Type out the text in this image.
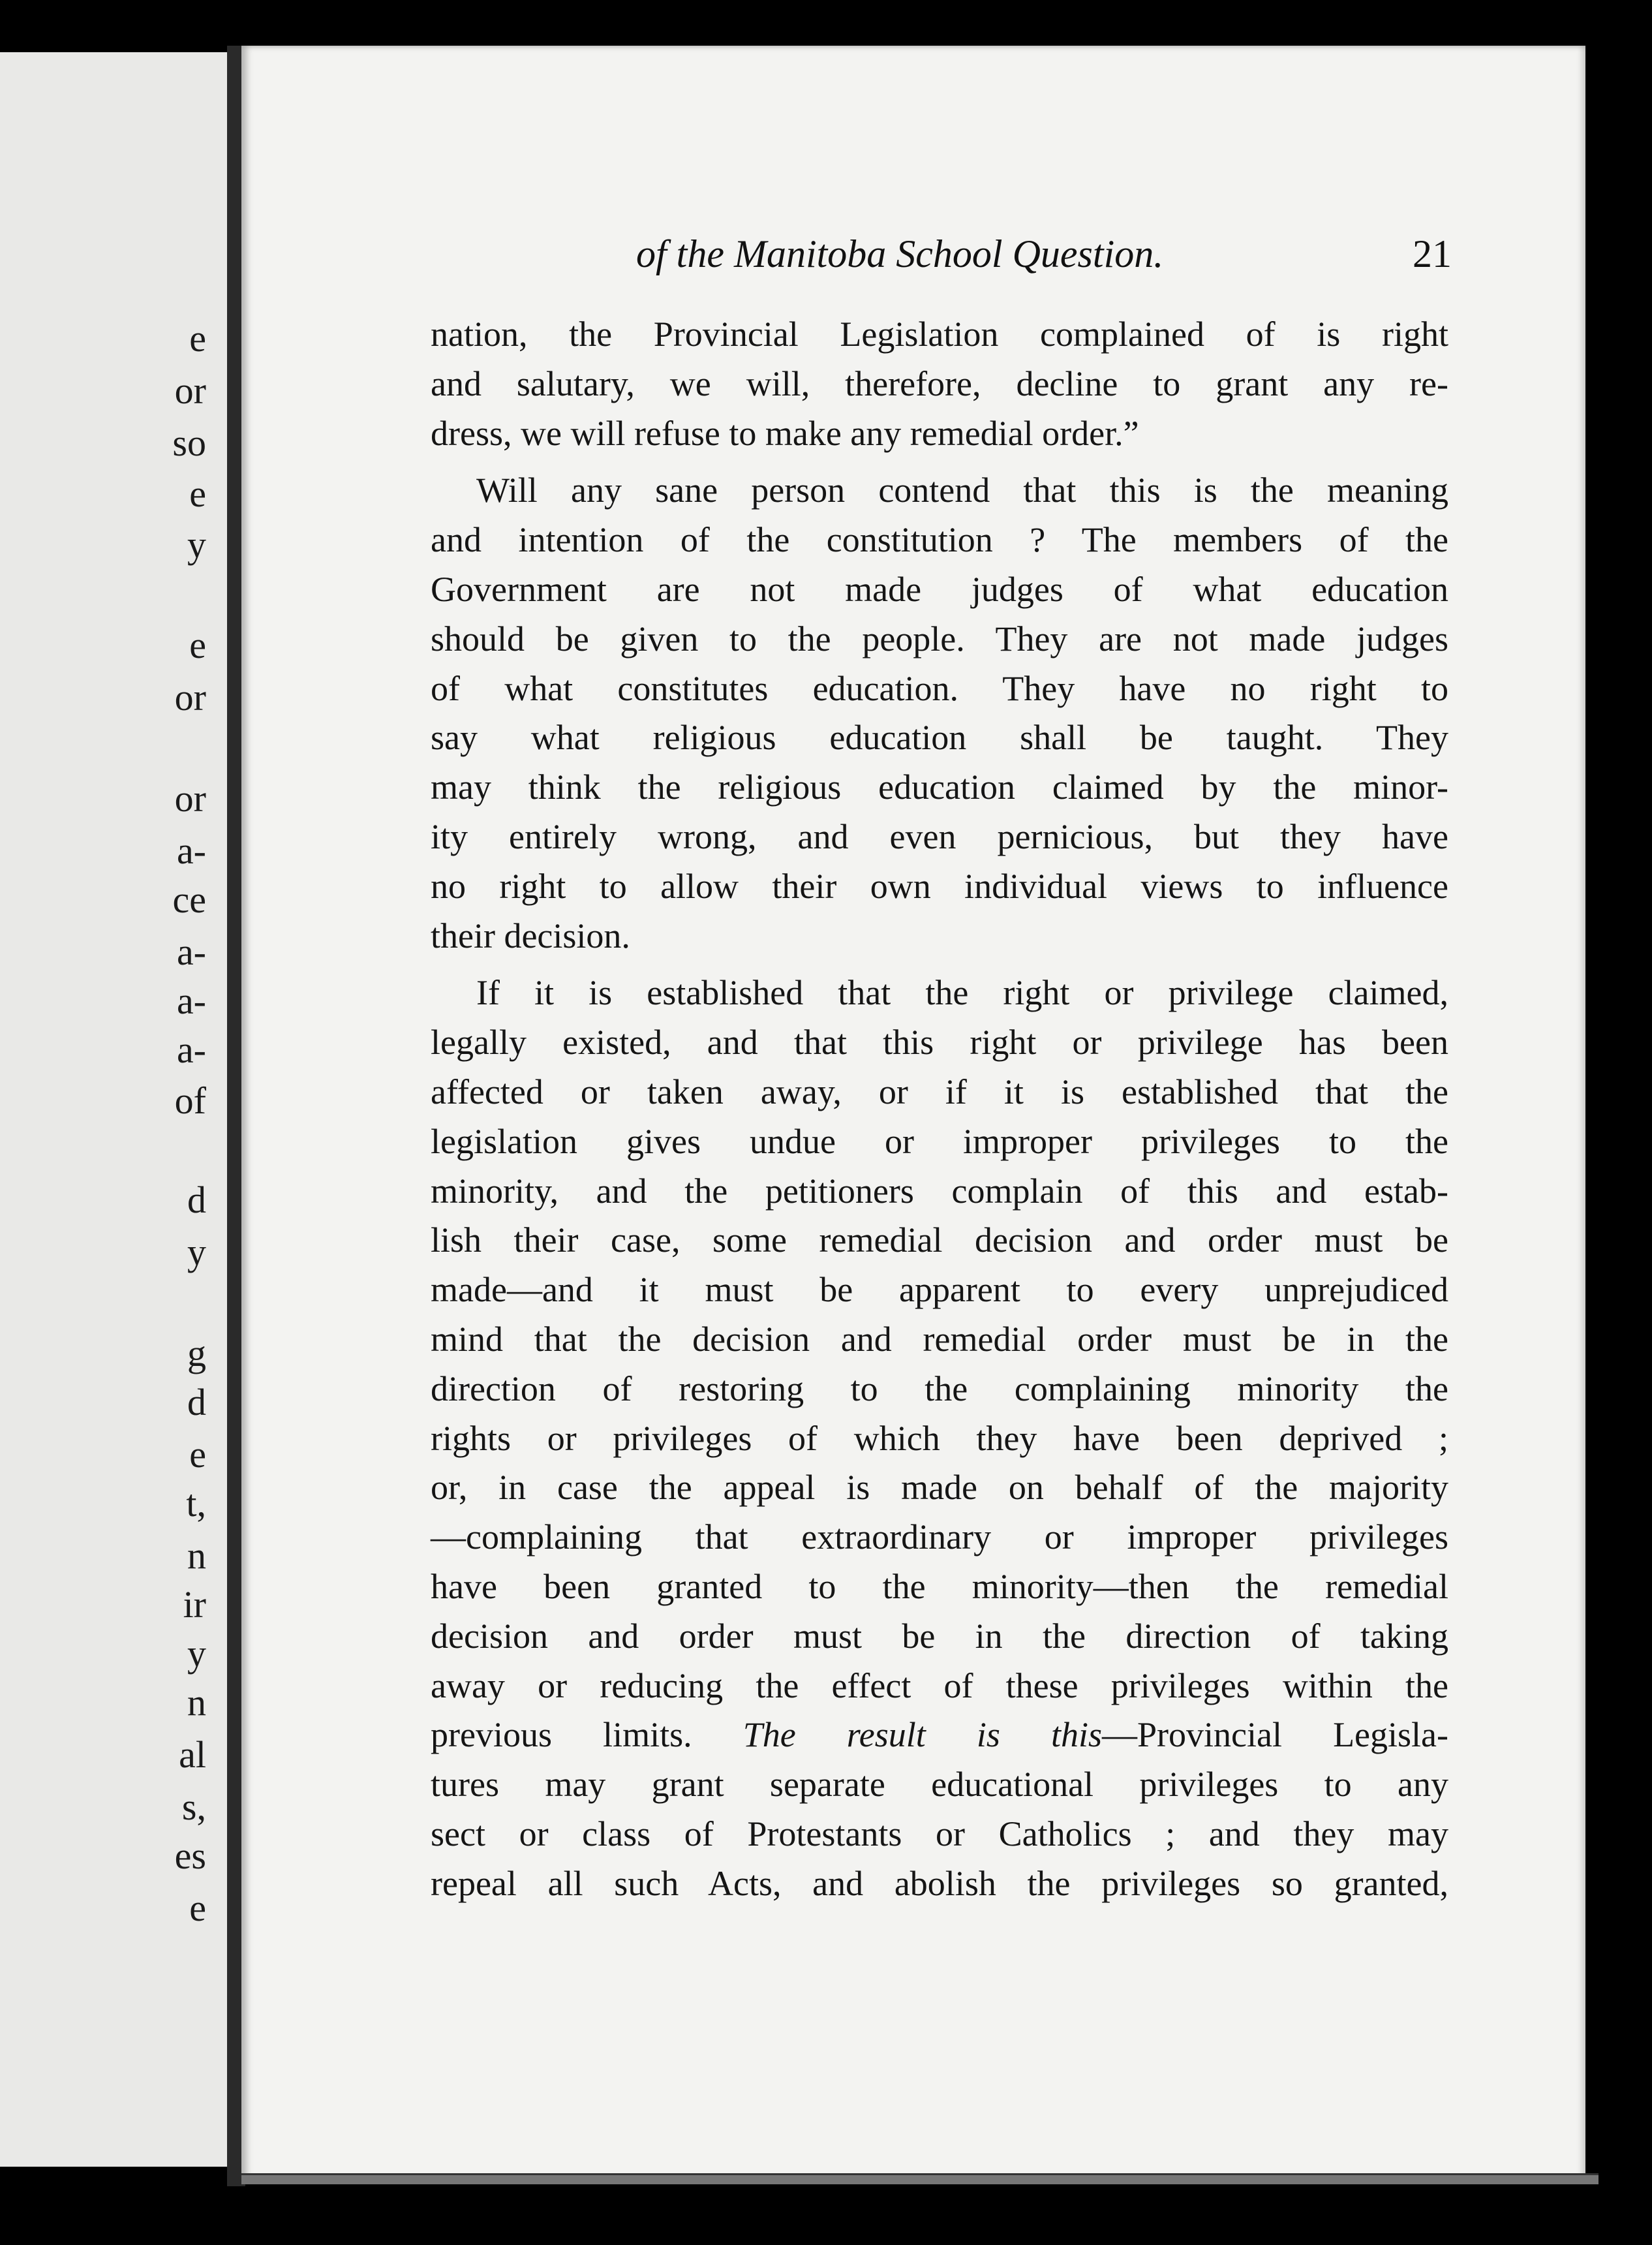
e
or
so
e
y
e
or
or
a-
ce
a-
a-
a-
of
d
y
g
d
e
t,
n
ir
y
n
al
s,
es
e
of the Manitoba School Question.	21
nation, the Provincial Legislation complained of is right
and salutary, we will, therefore, decline to grant any re-
dress, we will refuse to make any remedial order.”
Will any sane person contend that this is the meaning
and intention of the constitution ? The members of the
Government are not made judges of what education
should be given to the people. They are not made judges
of what constitutes education. They have no right to
say what religious education shall be taught. They
may think the religious education claimed by the minor-
ity entirely wrong, and even pernicious, but they have
no right to allow their own individual views to influence
their decision.
If it is established that the right or privilege claimed,
legally existed, and that this right or privilege has been
affected or taken away, or if it is established that the
legislation gives undue or improper privileges to the
minority, and the petitioners complain of this and estab-
lish their case, some remedial decision and order must be
made—and it must be apparent to every unprejudiced
mind that the decision and remedial order must be in the
direction of restoring to the complaining minority the
rights or privileges of which they have been deprived ;
or, in case the appeal is made on behalf of the majority
—complaining that extraordinary or improper privileges
have been granted to the minority—then the remedial
decision and order must be in the direction of taking
away or reducing the effect of these privileges within the
previous limits. The result is this—Provincial Legisla-
tures may grant separate educational privileges to any
sect or class of Protestants or Catholics ; and they may
repeal all such Acts, and abolish the privileges so granted,
